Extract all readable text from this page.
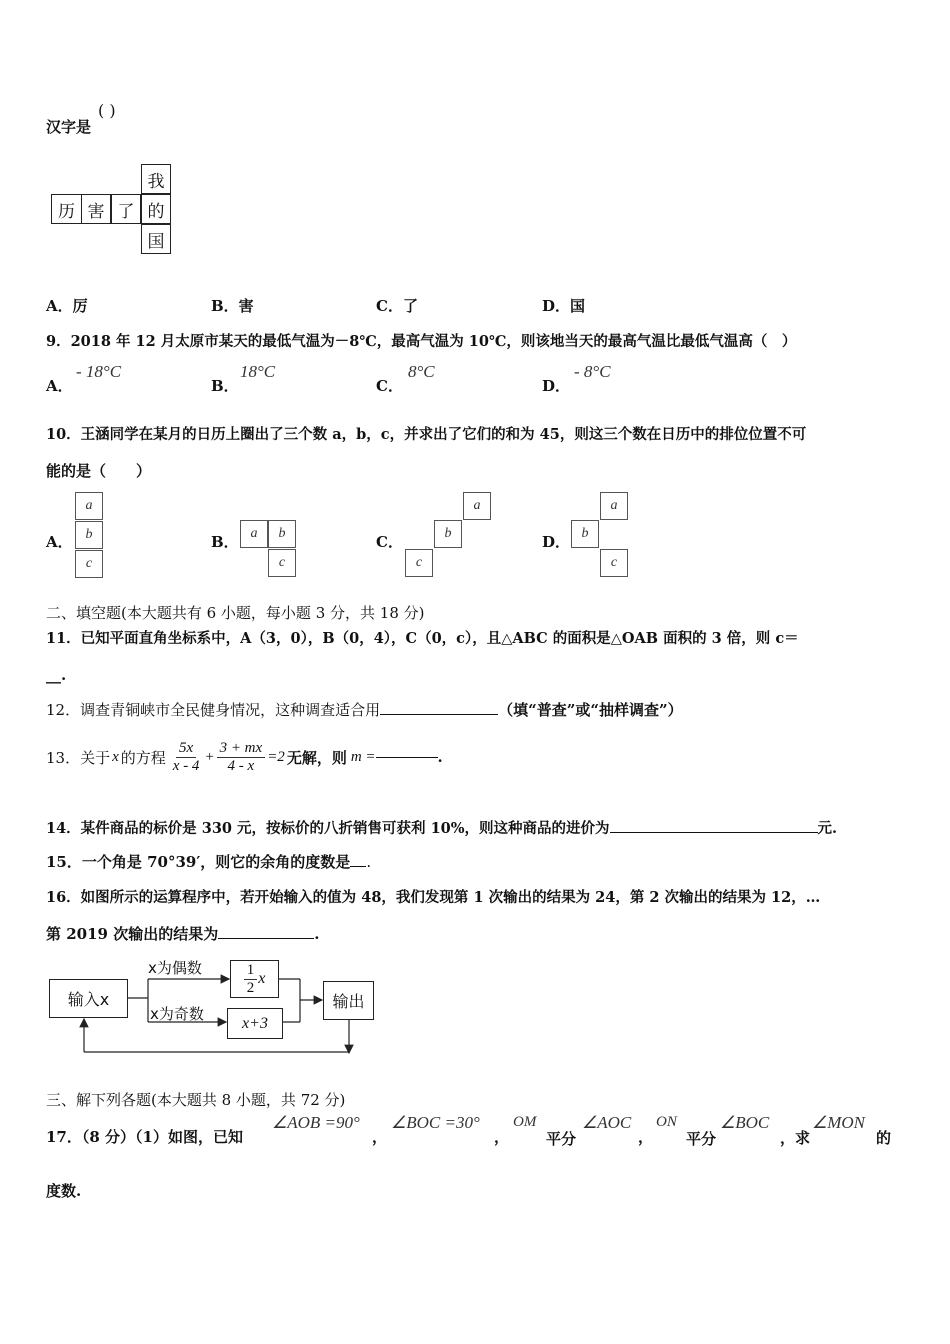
汉字是
( )
我
历 害 了 的
国
A．厉	B．害	C．了	D．国
9．2018 年 12 月太原市某天的最低气温为－8℃，最高气温为 10℃，则该地当天的最高气温比最低气温高（　）
A．
- 18°C
B．
18°C
C．
8°C
D．
- 8°C
10．王涵同学在某月的日历上圈出了三个数 a，b，c，并求出了它们的和为 45，则这三个数在日历中的排位位置不可
能的是（　　）
A．
a
b
c
B． a	b
c
C．
a
b
c
D．
a
b
c
二、填空题(本大题共有 6 小题，每小题 3 分，共 18 分)
11．已知平面直角坐标系中，A（3，0），B（0，4），C（0，c），且△ABC 的面积是△OAB 面积的 3 倍，则 c＝
__.
12．调查青铜峡市全民健身情况，这种调查适合用	（填“普查”或“抽样调查”）
13．关于 x 的方程 $\frac{5x}{x - 4} + \frac{3 + mx}{4 - x} =2$ 无解，则 m =	.
14．某件商品的标价是 330 元，按标价的八折销售可获利 10%，则这种商品的进价为	元.
15．一个角是 70°39′，则它的余角的度数是 .
16．如图所示的运算程序中，若开始输入的值为 48，我们发现第 1 次输出的结果为 24，第 2 次输出的结果为 12，…
第 2019 次输出的结果为	.
输入x
$\frac{1}{2}$ x
x+3
输出
x为偶数
x为奇数
三、解下列各题(本大题共 8 小题，共 72 分)
17．（8 分）（1）如图，已知
∠AOB =90°
，
∠BOC =30°
，
OM
平分
∠AOC
，
ON
平分
∠BOC
，求
∠MON
的
度数.
